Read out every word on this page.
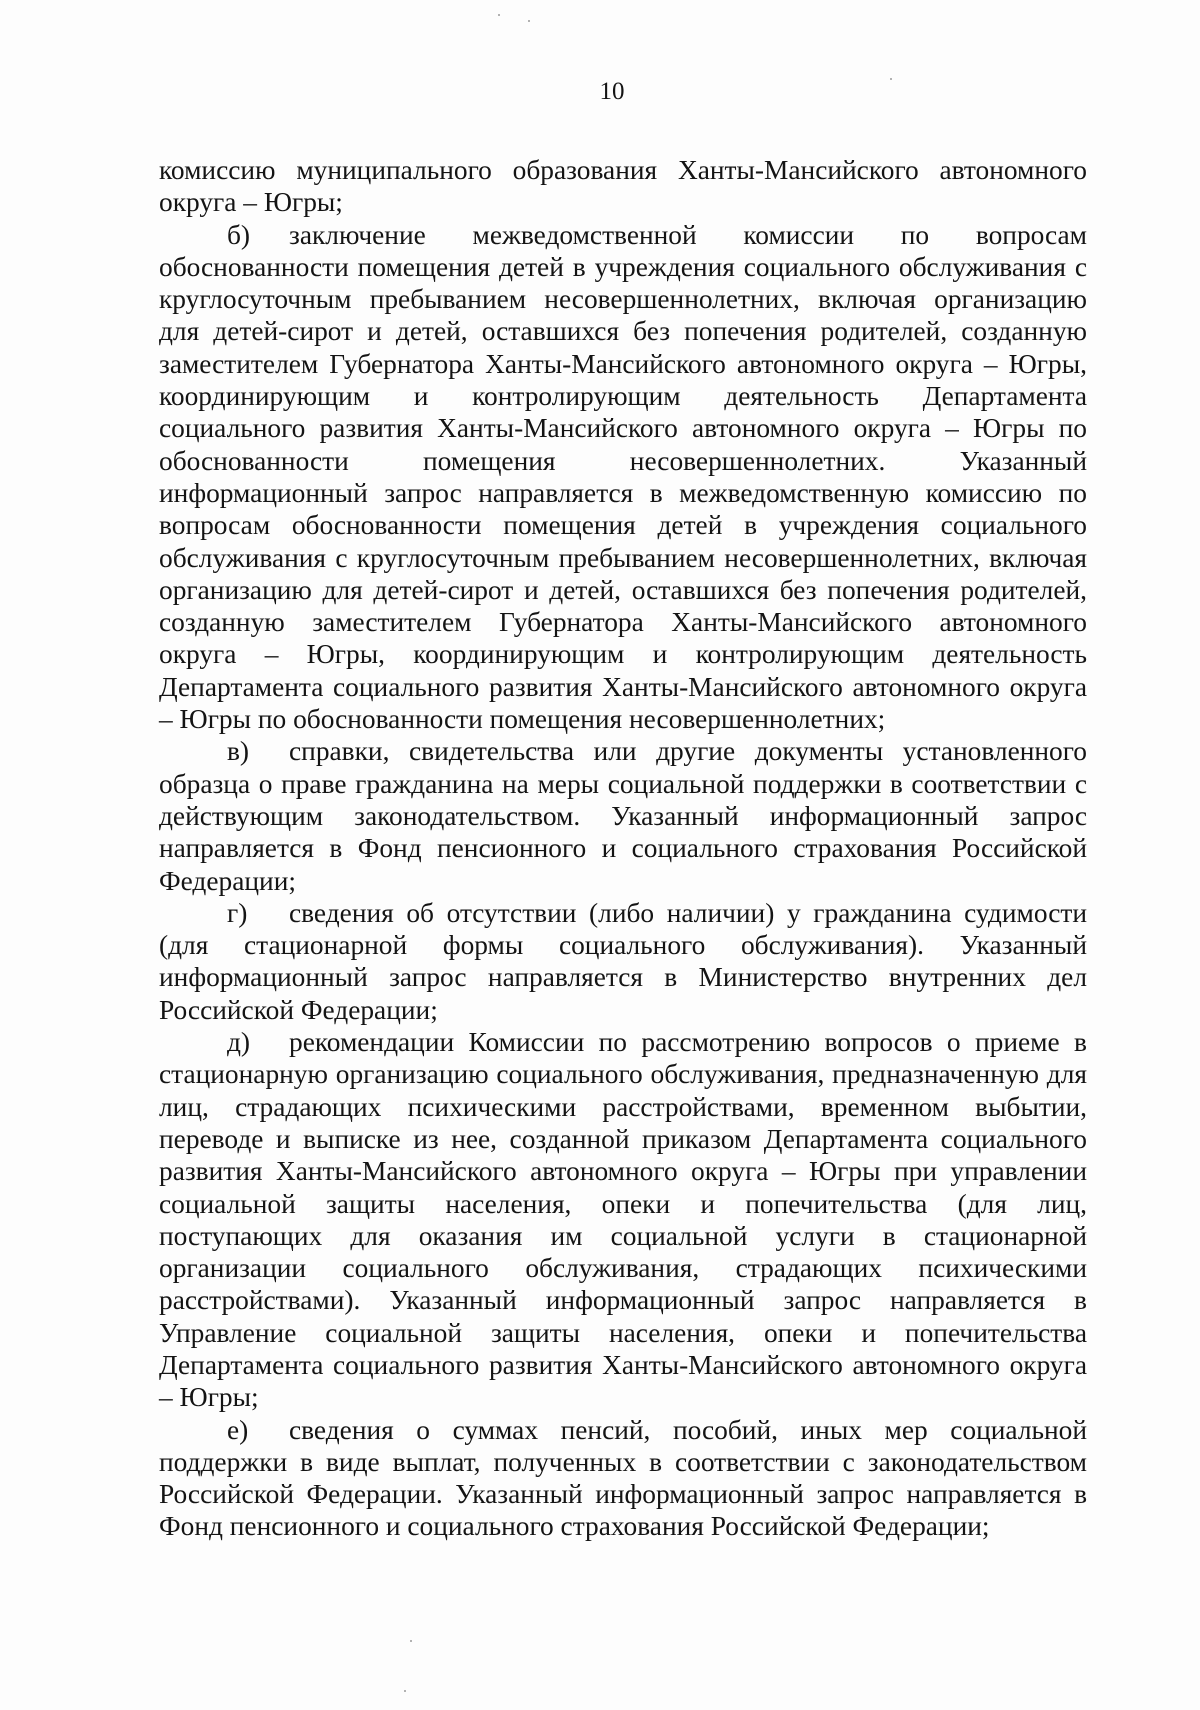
10

комиссию муниципального образования Ханты-Мансийского автономного округа – Югры;

б) заключение межведомственной комиссии по вопросам обоснованности помещения детей в учреждения социального обслуживания с круглосуточным пребыванием несовершеннолетних, включая организацию для детей-сирот и детей, оставшихся без попечения родителей, созданную заместителем Губернатора Ханты-Мансийского автономного округа – Югры, координирующим и контролирующим деятельность Департамента социального развития Ханты-Мансийского автономного округа – Югры по обоснованности помещения несовершеннолетних. Указанный информационный запрос направляется в межведомственную комиссию по вопросам обоснованности помещения детей в учреждения социального обслуживания с круглосуточным пребыванием несовершеннолетних, включая организацию для детей-сирот и детей, оставшихся без попечения родителей, созданную заместителем Губернатора Ханты-Мансийского автономного округа – Югры, координирующим и контролирующим деятельность Департамента социального развития Ханты-Мансийского автономного округа – Югры по обоснованности помещения несовершеннолетних;

в) справки, свидетельства или другие документы установленного образца о праве гражданина на меры социальной поддержки в соответствии с действующим законодательством. Указанный информационный запрос направляется в Фонд пенсионного и социального страхования Российской Федерации;

г) сведения об отсутствии (либо наличии) у гражданина судимости (для стационарной формы социального обслуживания). Указанный информационный запрос направляется в Министерство внутренних дел Российской Федерации;

д) рекомендации Комиссии по рассмотрению вопросов о приеме в стационарную организацию социального обслуживания, предназначенную для лиц, страдающих психическими расстройствами, временном выбытии, переводе и выписке из нее, созданной приказом Департамента социального развития Ханты-Мансийского автономного округа – Югры при управлении социальной защиты населения, опеки и попечительства (для лиц, поступающих для оказания им социальной услуги в стационарной организации социального обслуживания, страдающих психическими расстройствами). Указанный информационный запрос направляется в Управление социальной защиты населения, опеки и попечительства Департамента социального развития Ханты-Мансийского автономного округа – Югры;

е) сведения о суммах пенсий, пособий, иных мер социальной поддержки в виде выплат, полученных в соответствии с законодательством Российской Федерации. Указанный информационный запрос направляется в Фонд пенсионного и социального страхования Российской Федерации;
